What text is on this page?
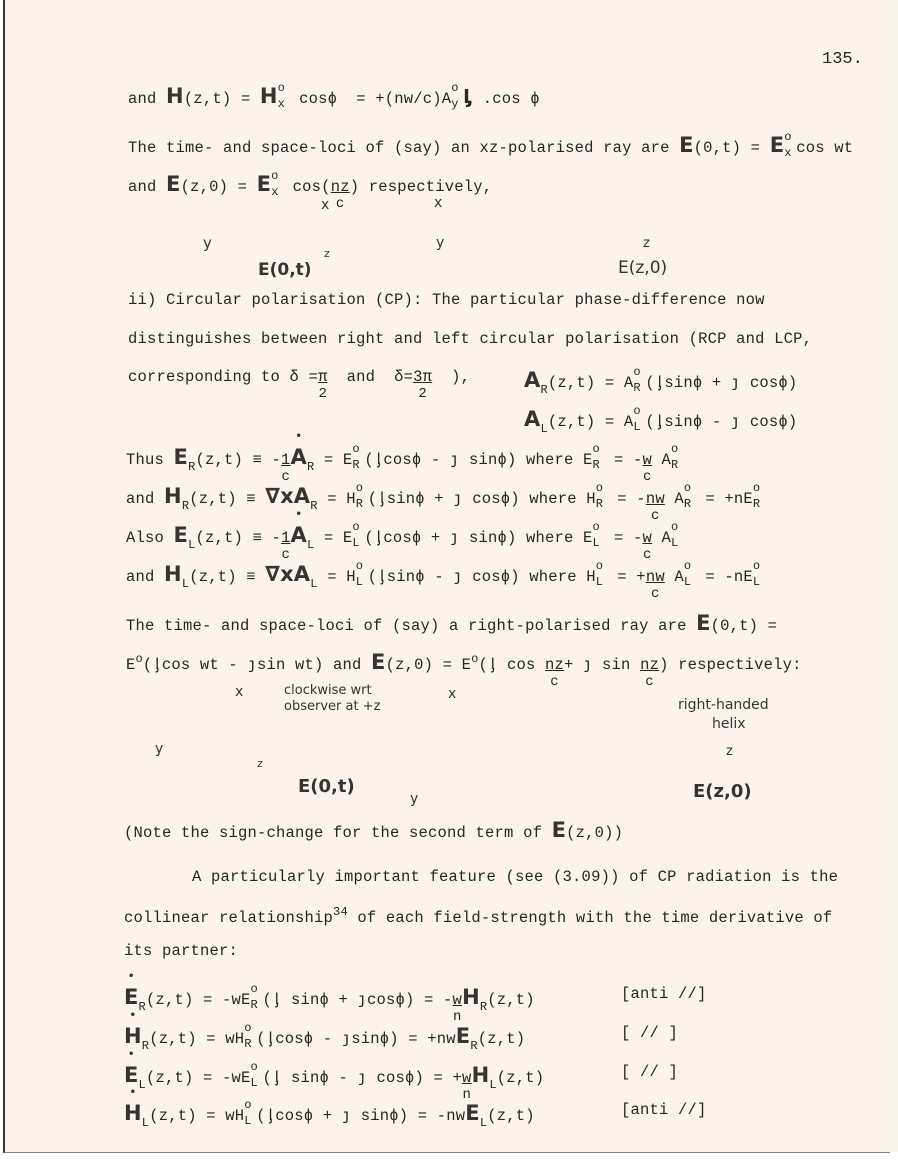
135.
and H(z,t) = H o
x cosϕ = +(nw/c)A
o
y ᶅ .cos ϕ
The time- and space-loci of (say) an xz-polarised ray are E(0,t) = E o
x cos wt
and E(z,0) = E o
x $\cos(\frac{nz}{c}$ ) respectively,
y
x
z
E(0,t)
x
y	z
E(z,0)
ii) Circular polarisation (CP): The particular phase-difference now
distinguishes between right and left circular polarisation (RCP and LCP,
corresponding to $\delta =\frac{\pi}{2}$ and $\delta=\frac{3\pi}{2}$ ),	$A_R(z,t) = A$
o
R (ᶅsinϕ + ȷ cosϕ)
$A_L(z,t) = A$
o
L (ᶅsinϕ - ȷ cosϕ)
Thus $E_R(z,t) \equiv -\frac{1}{c}$ • $A_R = E$
o
R (ᶅcosϕ - ȷ sinϕ) where E
o
$R = -\frac{w}{c}$ A
o
R
and $H_R(z,t) \equiv \nabla xA_R = H$
o
R (ᶅsinϕ + ȷ cosϕ) where H
o
$R = -\frac{nw}{c}$ A
o
R = +nE
o
R
Also $E_L(z,t) \equiv -\frac{1}{c}$ • $A_L = E$
o
L (ᶅcosϕ + ȷ sinϕ) where E
o
$L = -\frac{w}{c}$ A
o
L
and $H_L(z,t) \equiv \nabla xA_L = H$
o
L (ᶅsinϕ - ȷ cosϕ) where H
o
$L = +\frac{nw}{c}$ A
o
L = -nE
o
L
The time- and space-loci of (say) a right-polarised ray are E(0,t) =
$E^o(ᶅ\cos$ wt - ȷsin wt) and $E(z,0) = E^o(ᶅ$ $\cos \frac{nz}{c}$ + ȷ $\sin \frac{nz}{c}$ ) respectively:
x
y
z
clockwise wrt
observer at +z
E(0,t)
x
y
z
right-handed
helix
E(z,0)
(Note the sign-change for the second term of E(z,0))
A particularly important feature (see (3.09)) of CP radiation is the
collinear relationship$^{34}$ of each field-strength with the time derivative of
its partner:
• $E_R(z,t) = -wE$
o
R (ᶅ sinϕ + ȷcosϕ) = $-\frac{w}{n} H_R(z,t)$	[anti //]
• $H_R(z,t)$ = wH
o
R (ᶅcosϕ - ȷsinϕ) = +nwE$_R$(z,t)	[ // ]
• $E_L(z,t) = -wE$
o
L (ᶅ sinϕ - ȷ $\cos\phi) = +\frac{w}{n} H_L(z,t)$	[ // ]
• $H_L(z,t)$ = wH
o
L (ᶅcosϕ + ȷ sinϕ) = -nwE$_L$(z,t)	[anti //]
